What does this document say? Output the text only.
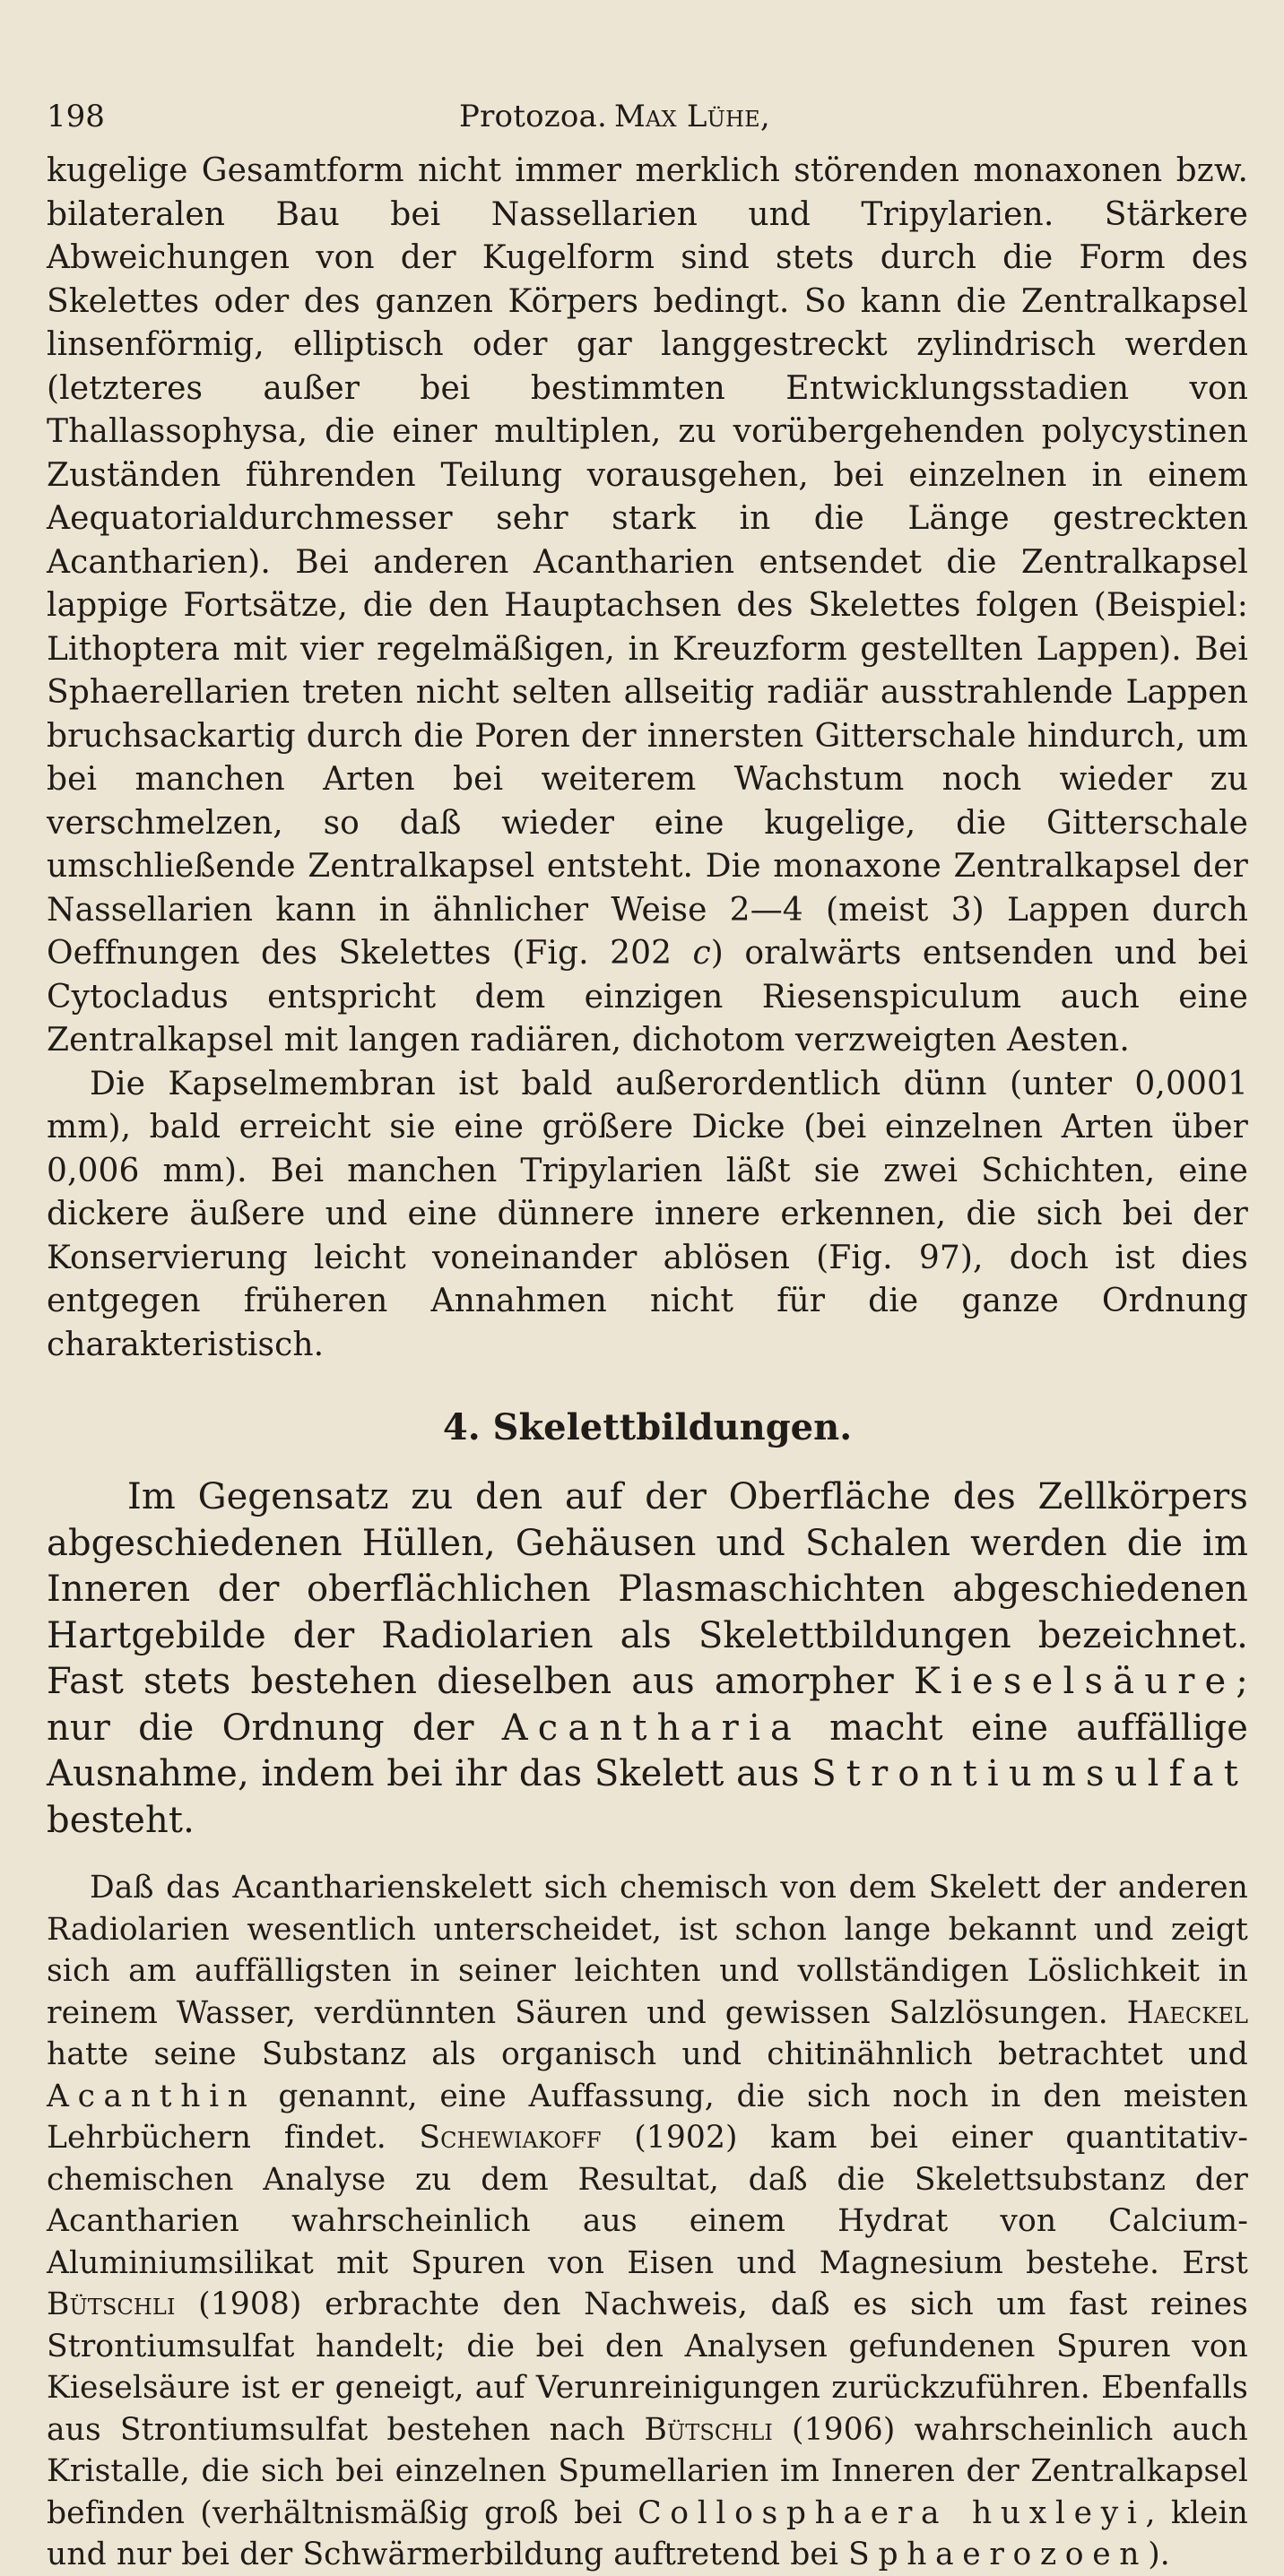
198	Protozoa. Max Lühe,

kugelige Gesamtform nicht immer merklich störenden monaxonen bzw. bilateralen Bau bei Nassellarien und Tripylarien. Stärkere Abweichungen von der Kugelform sind stets durch die Form des Skelettes oder des ganzen Körpers bedingt. So kann die Zentralkapsel linsenförmig, elliptisch oder gar langgestreckt zylindrisch werden (letzteres außer bei bestimmten Entwicklungsstadien von Thallassophysa, die einer multiplen, zu vorübergehenden polycystinen Zuständen führenden Teilung vorausgehen, bei einzelnen in einem Aequatorialdurchmesser sehr stark in die Länge gestreckten Acantharien). Bei anderen Acantharien entsendet die Zentralkapsel lappige Fortsätze, die den Hauptachsen des Skelettes folgen (Beispiel: Lithoptera mit vier regelmäßigen, in Kreuzform gestellten Lappen). Bei Sphaerellarien treten nicht selten allseitig radiär ausstrahlende Lappen bruchsackartig durch die Poren der innersten Gitterschale hindurch, um bei manchen Arten bei weiterem Wachstum noch wieder zu verschmelzen, so daß wieder eine kugelige, die Gitterschale umschließende Zentralkapsel entsteht. Die monaxone Zentralkapsel der Nassellarien kann in ähnlicher Weise 2—4 (meist 3) Lappen durch Oeffnungen des Skelettes (Fig. 202 c) oralwärts entsenden und bei Cytocladus entspricht dem einzigen Riesenspiculum auch eine Zentralkapsel mit langen radiären, dichotom verzweigten Aesten.

Die Kapselmembran ist bald außerordentlich dünn (unter 0,0001 mm), bald erreicht sie eine größere Dicke (bei einzelnen Arten über 0,006 mm). Bei manchen Tripylarien läßt sie zwei Schichten, eine dickere äußere und eine dünnere innere erkennen, die sich bei der Konservierung leicht voneinander ablösen (Fig. 97), doch ist dies entgegen früheren Annahmen nicht für die ganze Ordnung charakteristisch.

4. Skelettbildungen.

Im Gegensatz zu den auf der Oberfläche des Zellkörpers abgeschiedenen Hüllen, Gehäusen und Schalen werden die im Inneren der oberflächlichen Plasmaschichten abgeschiedenen Hartgebilde der Radiolarien als Skelettbildungen bezeichnet. Fast stets bestehen dieselben aus amorpher Kieselsäure; nur die Ordnung der Acantharia macht eine auffällige Ausnahme, indem bei ihr das Skelett aus Strontiumsulfat besteht.

Daß das Acantharienskelett sich chemisch von dem Skelett der anderen Radiolarien wesentlich unterscheidet, ist schon lange bekannt und zeigt sich am auffälligsten in seiner leichten und vollständigen Löslichkeit in reinem Wasser, verdünnten Säuren und gewissen Salzlösungen. Haeckel hatte seine Substanz als organisch und chitinähnlich betrachtet und Acanthin genannt, eine Auffassung, die sich noch in den meisten Lehrbüchern findet. Schewiakoff (1902) kam bei einer quantitativ-chemischen Analyse zu dem Resultat, daß die Skelettsubstanz der Acantharien wahrscheinlich aus einem Hydrat von Calcium-Aluminiumsilikat mit Spuren von Eisen und Magnesium bestehe. Erst Bütschli (1908) erbrachte den Nachweis, daß es sich um fast reines Strontiumsulfat handelt; die bei den Analysen gefundenen Spuren von Kieselsäure ist er geneigt, auf Verunreinigungen zurückzuführen. Ebenfalls aus Strontiumsulfat bestehen nach Bütschli (1906) wahrscheinlich auch Kristalle, die sich bei einzelnen Spumellarien im Inneren der Zentralkapsel befinden (verhältnismäßig groß bei Collosphaera huxleyi, klein und nur bei der Schwärmerbildung auftretend bei Sphaerozoen).
